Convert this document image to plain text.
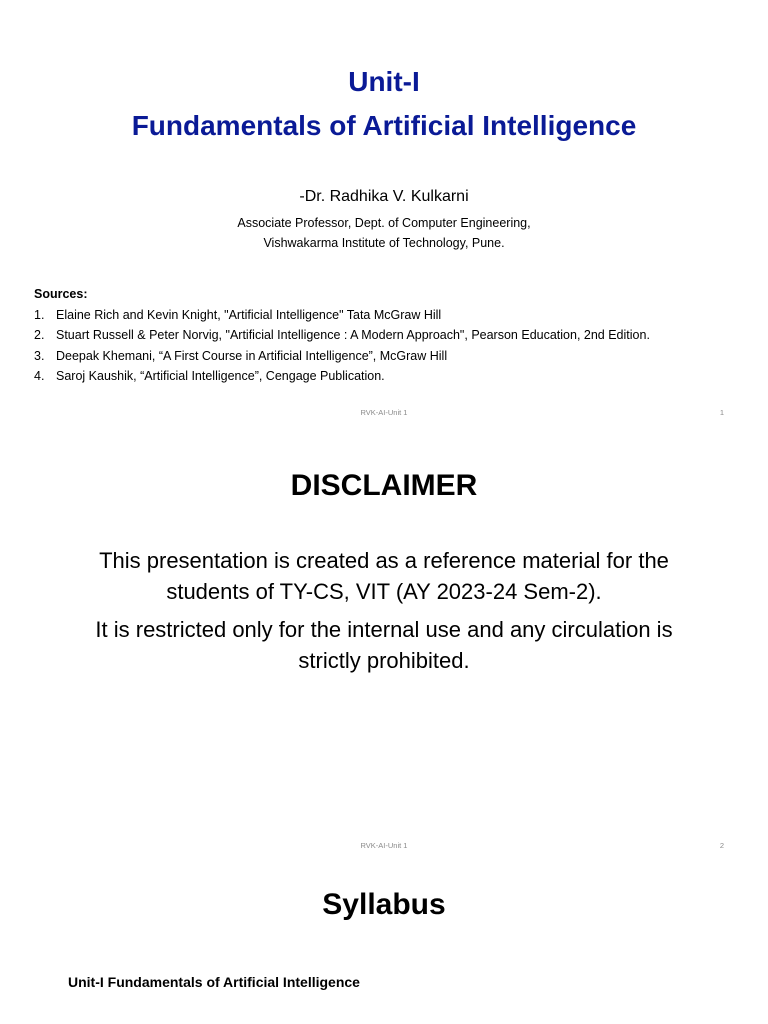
Unit-I
Fundamentals of Artificial Intelligence
-Dr. Radhika V. Kulkarni
Associate Professor, Dept. of Computer Engineering,
Vishwakarma Institute of Technology, Pune.
Sources:
1. Elaine Rich and Kevin Knight, "Artificial Intelligence" Tata McGraw Hill
2. Stuart Russell & Peter Norvig, "Artificial Intelligence : A Modern Approach", Pearson Education, 2nd Edition.
3. Deepak Khemani, “A First Course in Artificial Intelligence”, McGraw Hill
4. Saroj Kaushik, “Artificial Intelligence”, Cengage Publication.
RVK-AI-Unit 1	1
DISCLAIMER
This presentation is created as a reference material for the
students of TY-CS, VIT (AY 2023-24 Sem-2).
It is restricted only for the internal use and any circulation is
strictly prohibited.
RVK-AI-Unit 1	2
Syllabus
Unit-I Fundamentals of Artificial Intelligence
